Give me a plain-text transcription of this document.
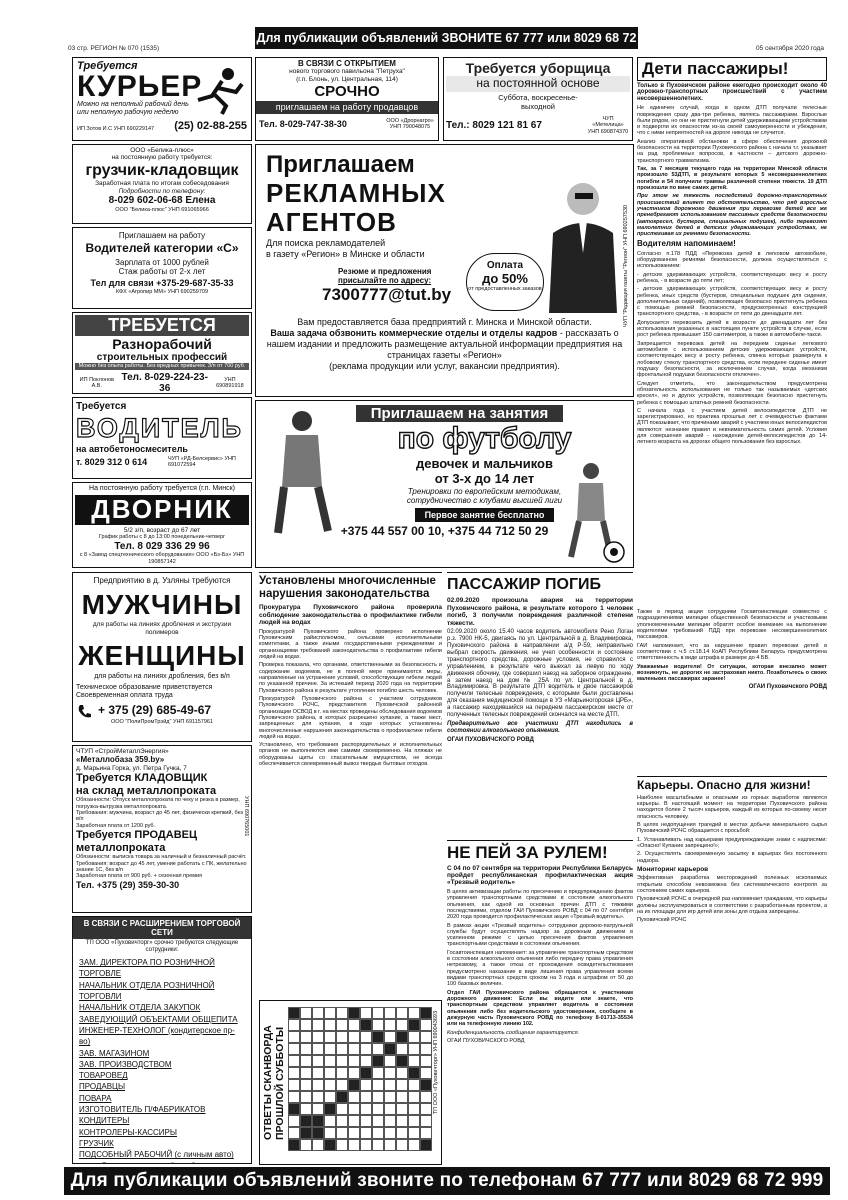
Для публикации объявлений ЗВОНИТЕ 67 777 или 8029 68 72
03 стр. РЕГИОН № 070 (1535)	05 сентября 2020 года
Требуется
КУРЬЕР
Можно на неполный рабочий день
или неполную рабочую неделю
ИП Зотов И.С УНП 690229147 (25) 02-88-255
В СВЯЗИ С ОТКРЫТИЕМ
нового торгового павильона "Петруха"
(г.п. Блонь, ул. Центральная, 114)
СРОЧНО
приглашаем на работу продавцов
Тел. 8-029-747-38-30	ООО «Дрорнагро» УНП 790048075
Требуется уборщица
на постоянной основе
Суббота, воскресенье-
выходной
Тел.: 8029 121 81 67
ЧУП «Метелица» УНП 690874370
Дети пассажиры!

Только в Пуховичском районе ежегодно происходит около 40 дорожно-транспортных происшествий с участием несовершеннолетних.

Не единичен случай, когда в одном ДТП получали телесные повреждения сразу два-три ребенка, являясь пассажирами. Взрослые были рядом, но они не пристегнули детей удерживающими устройствами и подвергли их опасностям из-за своей самоуверенности и убеждения, что с ними неприятностей на дороге никогда не случится.

Анализ оперативной обстановки в сфере обеспечения дорожной безопасности на территории Пуховичского района с начала т.г. указывает на рад проблемных вопросов, в частности – детского дорожно-транспортного травматизма.

Так, за 7 месяцев текущего года на территории Минской области произошло 53ДТП, в результате которых 5 несовершеннолетних погибли и 54 получили травмы различной степени тяжести. 19 ДТП произошли по вине самих детей.

При этом не тяжесть последствий дорожно-транспортных происшествий влияет то обстоятельство, что ряд взрослых участников дорожного движения при перевозке детей все же пренебрегают использованием пассивных средств безопасности (автокресел, бустеров, специальных подушек), либо перевозят малолетних детей в детских удерживающих устройствах, не пристегивая их ремнями безопасности.

Водителям напоминаем!

Согласно п.178 ПДД «Перевозка детей в легковом автомобиле, оборудованном ремнями безопасности, должна осуществляться с использованием:

- детских удерживающих устройств, соответствующих весу и росту ребенка, - в возрасте до пяти лет;

- детских удерживающих устройств, соответствующих весу и росту ребенка, иных средств (бустеров, специальных подушек для сидения, дополнительных сидений), позволяющих безопасно пристегнуть ребенка с помощью ремней безопасности, предусмотренных конструкцией транспортного средства, - в возрасте от пяти до двенадцати лет.

Допускается перевозить детей в возрасте до двенадцати лет без использования указанных в настоящем пункте устройств в случае, если рост ребенка превышает 150 сантиметров, а также в автомобиле-такси.

Запрещается перевозка детей на переднем сиденье легкового автомобиля с использованием детских удерживающих устройств, соответствующих весу и росту ребенка, спинка которых развернута к лобовому стеклу транспортного средства, если переднее сиденье имеет подушку безопасности, за исключением случая, когда механизм фронтальной подушки безопасности отключен».

Следует отметить, что законодательством предусмотрена обязательность использования не только так называемых «детских кресел», но и других устройств, позволяющих безопасно пристегнуть ребенка с помощью штатных ремней безопасности.

С начала года с участием детей велосипедистов ДТП не зарегистрировано, но практика прошлых лет с очевидностью фактами ДТП показывает, что причинами аварий с участием юных велосипедистов являются: незнание правил и невнимательность самих детей. Условия для совершения аварий - нахождение детей-велосипедистов до 14-летнего возраста на дорогах общего пользования без взрослых.

Также в период акции сотрудники Госавтоинспекции совместно с подразделениями милиции общественной безопасности и участковыми уполномоченными милиции обратят особое внимание на выполнение водителями требований ПДД при перевозке несовершеннолетних пассажиров.

ГАИ напоминает, что за нарушение правил перевозки детей в соответствии с ч.5 ст.18.14 КоАП Республики Беларусь предусмотрена ответственность в виде штрафа в размере до 4 БВ.

Уважаемые водители! От ситуации, которая внезапно может возникнуть, не дорогих не застраховап никто. Позаботьтесь о своих маленьких пассажирах заранее!

ОГАИ Пуховичского РОВД

ООО «Белика-плюс»
на постоянную работу требуется:
грузчик-кладовщик
Заработная плата по итогам собеседования
Подробности по телефону:
8-029 602-06-68 Елена
ООО "Белика-плюс" УНП 691065966
Приглашаем
РЕКЛАМНЫХ
АГЕНТОВ
Для поиска рекламодателей
в газету «Регион» в Минске и области
Резюме и предложения
присылайте по адресу:
7300777@tut.by
Оплата
до 50%
от предоставленных заказов	ЧУП "Редакция газеты "Регион" УНП 690257530
Вам предоставляется база предприятий г. Минска и Минской области.
Ваша задача обзвонить коммерческие отделы и отделы кадров - рассказать о нашем издании и предложить размещение актуальной информации предприятия на страницах газеты «Регион»
(реклама продукции или услуг, вакансии предприятия).
Приглашаем на работу
Водителей категории «С»
Зарплата от 1000 рублей
Стаж работы от 2-х лет
Тел для связи +375-29-687-35-33
КФХ «Агропир ММ» УНП 690259709
ТРЕБУЕТСЯ
Разнорабочий
строительных профессий
Можно без опыта работы. Без вредных привычек. З/п от 700 руб.
ИП Поклонов А.В.
Тел. 8-029-224-23-36
УНП 690891918
Требуется
ВОДИТЕЛЬ
на автобетоносмеситель
т. 8029 312 0 614	ЧУП «РД-Белсервис» УНП 691072594
Приглашаем на занятия
по футболу
девочек и мальчиков
от 3-х до 14 лет
Тренировки по европейским методикам,
сотрудничество с клубами высшей лиги
Первое занятие бесплатно
+375 44 557 00 10, +375 44 712 50 29
На постоянную работу требуется (г.п. Минск)
ДВОРНИК
5/2 з/п, возраст до 67 лет
График работы с 8 до 13:00 понедельник-четверг
Тел. 8 029 336 29 96
с 8 «Завод спецтехнического оборудования» ООО «Бэ-Бэ» УНП 190857142
Предприятию в д. Узляны требуются
МУЖЧИНЫ
для работы на линиях дробления и экструзии полимеров
ЖЕНЩИНЫ
для работы на линиях дробления, без в/п
Техническое образование приветствуется
Своевременная оплата труда
+ 375 (29) 685-49-67
ООО "ПолиПромТрэйд" УНП 691157961
Установлены многочисленные нарушения законодательства

Прокуратура Пуховичского района проверила соблюдение законодательства о профилактике гибели людей на водах

Прокуратурой Пуховичского района проверено исполнение Пуховичским райисполкомом, сельскими исполнительными комитетами, а также иными государственными учреждениями и организациями требований законодательства о профилактике гибели людей на водах.

Проверка показала, что органами, ответственными за безопасность и содержание водоемов, не в полной мере принимаются меры, направленные на устранение условий, способствующих гибели людей по указанной причине. За истекший период 2020 года на территории Пуховичского района в результате утопления погибло шесть человек.

Прокуратурой Пуховичского района с участием сотрудников Пуховичского РОЧС, представителя Пуховичской районной организации ОСВОД в г. на местах проведены обследования водоемов Пуховичского района, в которых разрешено купание, а также мест, запрещенных для купания, в ходе которых установлены многочисленные нарушения законодательства о профилактике гибели людей на водах.

Установлено, что требования распорядительных и исполнительных органов не выполняются ими самими своевременно. На пляжах не оборудованы щиты со спасательным имуществом, не всегда обеспечивается своевременный вывоз твердых бытовых отходов.

ПАССАЖИР ПОГИБ

02.09.2020 произошла авария на территории Пуховичского района, в результате которого 1 человек погиб, 3 получили повреждения различной степени тяжести.

02.09.2020 около 15.40 часов водитель автомобиля Рено Логан р.з. 7900 НК-5, двигаясь по ул. Центральной в д. Владимировка, Пуховичского района в направлении а/д Р-59, неправильно выбрал скорость движения, не учел особенности и состояние транспортного средства, дорожные условия, не справился с управлением, в результате чего выехал за левую по ходу движения обочину, где совершил наезд на заборное ограждение, а затем наезд на дом № 25А по ул. Центральной в д. Владимировка. В результате ДТП водитель и двое пассажиров получили телесные повреждения, с которыми были доставлены для оказания медицинской помощи в УЗ «Марьиногорская ЦРБ», а пассажир находившийся на переднем пассажирском месте от полученных телесных повреждений скончался на месте ДТП.

Предварительно все участники ДТП находились в состоянии алкогольного опьянения.

ОГАИ ПУХОВИЧСКОГО РОВД

ЧТУП «СтройМеталлЭнергия»
«Металлобаза 359.by»
д. Марьина Горка, ул. Петра Гучка, 7
Требуется КЛАДОВЩИК
на склад металлопроката
Обязанности: Отпуск металлопроката по чеку и резка в размер, погрузка-выгрузка металлопроката.
Требования: мужчина, возраст до 45 лет, физически крепкий, без в/п
Заработная плата от 1200 руб.
Требуется ПРОДАВЕЦ
металлопроката
Обязанности: выписка товара за наличный и безналичный расчёт.
Требования: возраст до 45 лет, умение работать с ПК, желательно знание 1С, без в/п
Заработная плата от 900 руб. + сезонная премия
Тел. +375 (29) 359-30-30
УНП 690765001
НЕ ПЕЙ ЗА РУЛЕМ!

С 04 по 07 сентября на территории Республики Беларусь пройдет республиканская профилактическая акция «Трезвый водитель»

В целях активизации работы по пресечению и предупреждению фактов управления транспортными средствами в состоянии алкогольного опьянения, как одной из основных причин ДТП с тяжкими последствиями, отделом ГАИ Пуховичского РОВД с 04 по 07 сентября 2020 года проводится профилактическая акция «Трезвый водитель».

В рамках акции «Трезвый водитель» сотрудники дорожно-патрульной службы будут осуществлять надзор за дорожным движением в усиленном режиме с целью пресечения фактов управления транспортными средствами в состоянии опьянения.

Госавтоинспекция напоминает: за управление транспортным средством в состоянии алкогольного опьянения либо передачу права управления нетрезвому, а также отказ от прохождения освидетельствования предусмотрено наказание в виде лишения права управления всеми видами транспортных средств сроком на 3 года и штрафом от 50 до 100 базовых величин.

Отдел ГАИ Пуховичского района обращается к участникам дорожного движения: Если вы видите или знаете, что транспортным средством управляет водитель в состоянии опьянения либо без водительского удостоверения, сообщите в дежурную часть Пуховичского РОВД по телефону 8-01713-35534 или на телефонную линию 102.

Конфиденциальность сообщения гарантируется.

ОГАИ ПУХОВИЧСКОГО РОВД

Карьеры. Опасно для жизни!

Наиболее масштабными и опасными из горных выработок являются карьеры. В настоящий момент на территории Пуховичского района находится более 2 тысяч карьеров, каждый из которых по-своему несет опасность человеку.

В целях недопущения трагедий в местах добычи минерального сырья Пуховичский РОЧС обращается с просьбой:

1. Устанавливать над карьерами предупреждающие знаки с надписями: «Опасно! Купание запрещено!»;

2. Осуществлять своевременную засыпку в карьерах без постоянного надзора.

Мониторинг карьеров

Эффективная разработка месторождений полезных ископаемых открытым способом невозможна без систематического контроля за состоянием самих карьеров.

Пуховичский РОЧС в очередной раз напоминает гражданам, что карьеры должны эксплуатироваться в соответствии с разработанным проектом, а на их площади для игр детей или зоны для отдыха запрещены.

Пуховичский РОЧС

В СВЯЗИ С РАСШИРЕНИЕМ ТОРГОВОЙ СЕТИ
ТП ООО «Пуховичторг» срочно требуются следующие сотрудники:
ЗАМ. ДИРЕКТОРА ПО РОЗНИЧНОЙ ТОРГОВЛЕ
НАЧАЛЬНИК ОТДЕЛА РОЗНИЧНОЙ ТОРГОВЛИ
НАЧАЛЬНИК ОТДЕЛА ЗАКУПОК
ЗАВЕДУЮЩИЙ ОБЪЕКТАМИ ОБЩЕПИТА
ИНЖЕНЕР-ТЕХНОЛОГ (кондитерское пр-во)
ЗАВ. МАГАЗИНОМ
ЗАВ. ПРОИЗВОДСТВОМ
ТОВАРОВЕД
ПРОДАВЦЫ
ПОВАРА
ИЗГОТОВИТЕЛЬ П/ФАБРИКАТОВ
КОНДИТЕРЫ
КОНТРОЛЕРЫ-КАССИРЫ
ГРУЗЧИК
ПОДСОБНЫЙ РАБОЧИЙ (с личным авто)
ОТВЕТЫ СКАНВОРДА ПРОШЛОЙ СУББОТЫ	ТП ООО «Пуховичторг» УНП 690043693
Для публикации объявлений звоните по телефонам 67 777 или 8029 68 72 999
